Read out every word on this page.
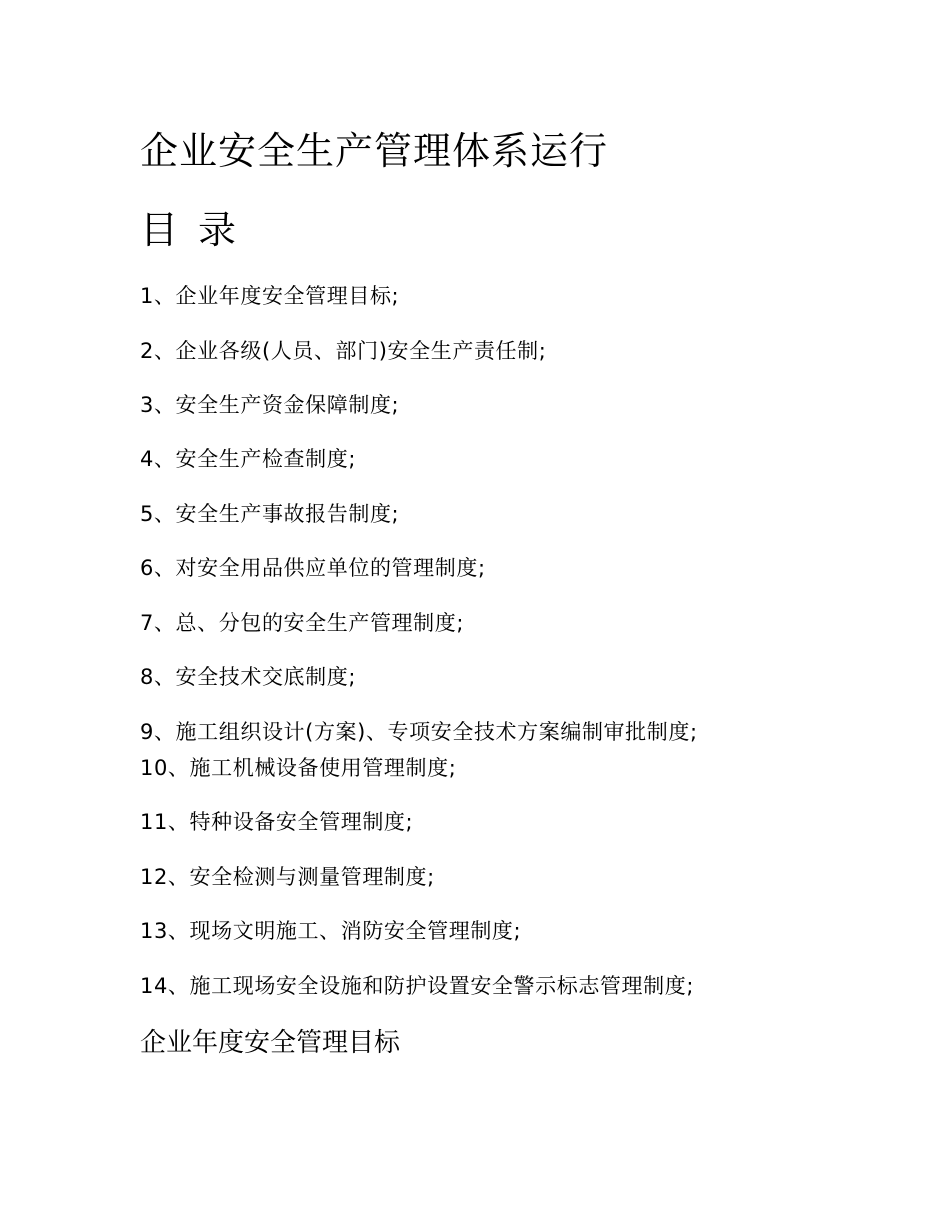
企业安全生产管理体系运行
目 录

1、企业年度安全管理目标;

2、企业各级(人员、部门)安全生产责任制;

3、安全生产资金保障制度;

4、安全生产检查制度;

5、安全生产事故报告制度;

6、对安全用品供应单位的管理制度;

7、总、分包的安全生产管理制度;

8、安全技术交底制度;

9、施工组织设计(方案)、专项安全技术方案编制审批制度;

10、施工机械设备使用管理制度;

11、特种设备安全管理制度;

12、安全检测与测量管理制度;

13、现场文明施工、消防安全管理制度;

14、施工现场安全设施和防护设置安全警示标志管理制度;

企业年度安全管理目标
